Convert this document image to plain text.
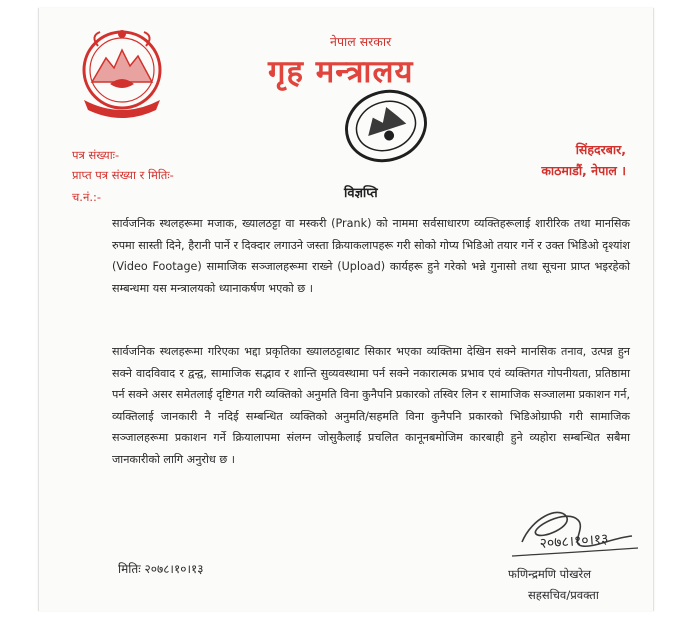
नेपाल सरकार
गृह मन्त्रालय
पत्र संख्याः-
प्राप्त पत्र संख्या र मितिः-
च.नं.:-
सिंहदरबार,
काठमाडौं, नेपाल ।
विज्ञप्ति

सार्वजनिक स्थलहरूमा मजाक, ख्यालठट्टा वा मस्करी (Prank) को नाममा सर्वसाधारण व्यक्तिहरूलाई शारीरिक तथा मानसिक रुपमा सास्ती दिने, हैरानी पार्ने र दिक्दार लगाउने जस्ता क्रियाकलापहरू गरी सोको गोप्य भिडिओ तयार गर्ने र उक्त भिडिओ दृश्यांश (Video Footage) सामाजिक सञ्जालहरूमा राख्ने (Upload) कार्यहरू हुने गरेको भन्ने गुनासो तथा सूचना प्राप्त भइरहेको सम्बन्धमा यस मन्त्रालयको ध्यानाकर्षण भएको छ ।

सार्वजनिक स्थलहरूमा गरिएका भद्दा प्रकृतिका ख्यालठट्टाबाट सिकार भएका व्यक्तिमा देखिन सक्ने मानसिक तनाव, उत्पन्न हुन सक्ने वादविवाद र द्वन्द्व, सामाजिक सद्भाव र शान्ति सुव्यवस्थामा पर्न सक्ने नकारात्मक प्रभाव एवं व्यक्तिगत गोपनीयता, प्रतिष्ठामा पर्न सक्ने असर समेतलाई दृष्टिगत गरी व्यक्तिको अनुमति विना कुनैपनि प्रकारको तस्विर लिन र सामाजिक सञ्जालमा प्रकाशन गर्न, व्यक्तिलाई जानकारी नै नदिई सम्बन्धित व्यक्तिको अनुमति/सहमति विना कुनैपनि प्रकारको भिडिओग्राफी गरी सामाजिक सञ्जालहरूमा प्रकाशन गर्ने क्रियालापमा संलग्न जोसुकैलाई प्रचलित कानूनबमोजिम कारबाही हुने व्यहोरा सम्बन्धित सबैमा जानकारीको लागि अनुरोध छ ।

२०७८।१०।१३
मितिः २०७८।१०।१३	फणिन्द्रमणि पोखरेल
सहसचिव/प्रवक्ता
